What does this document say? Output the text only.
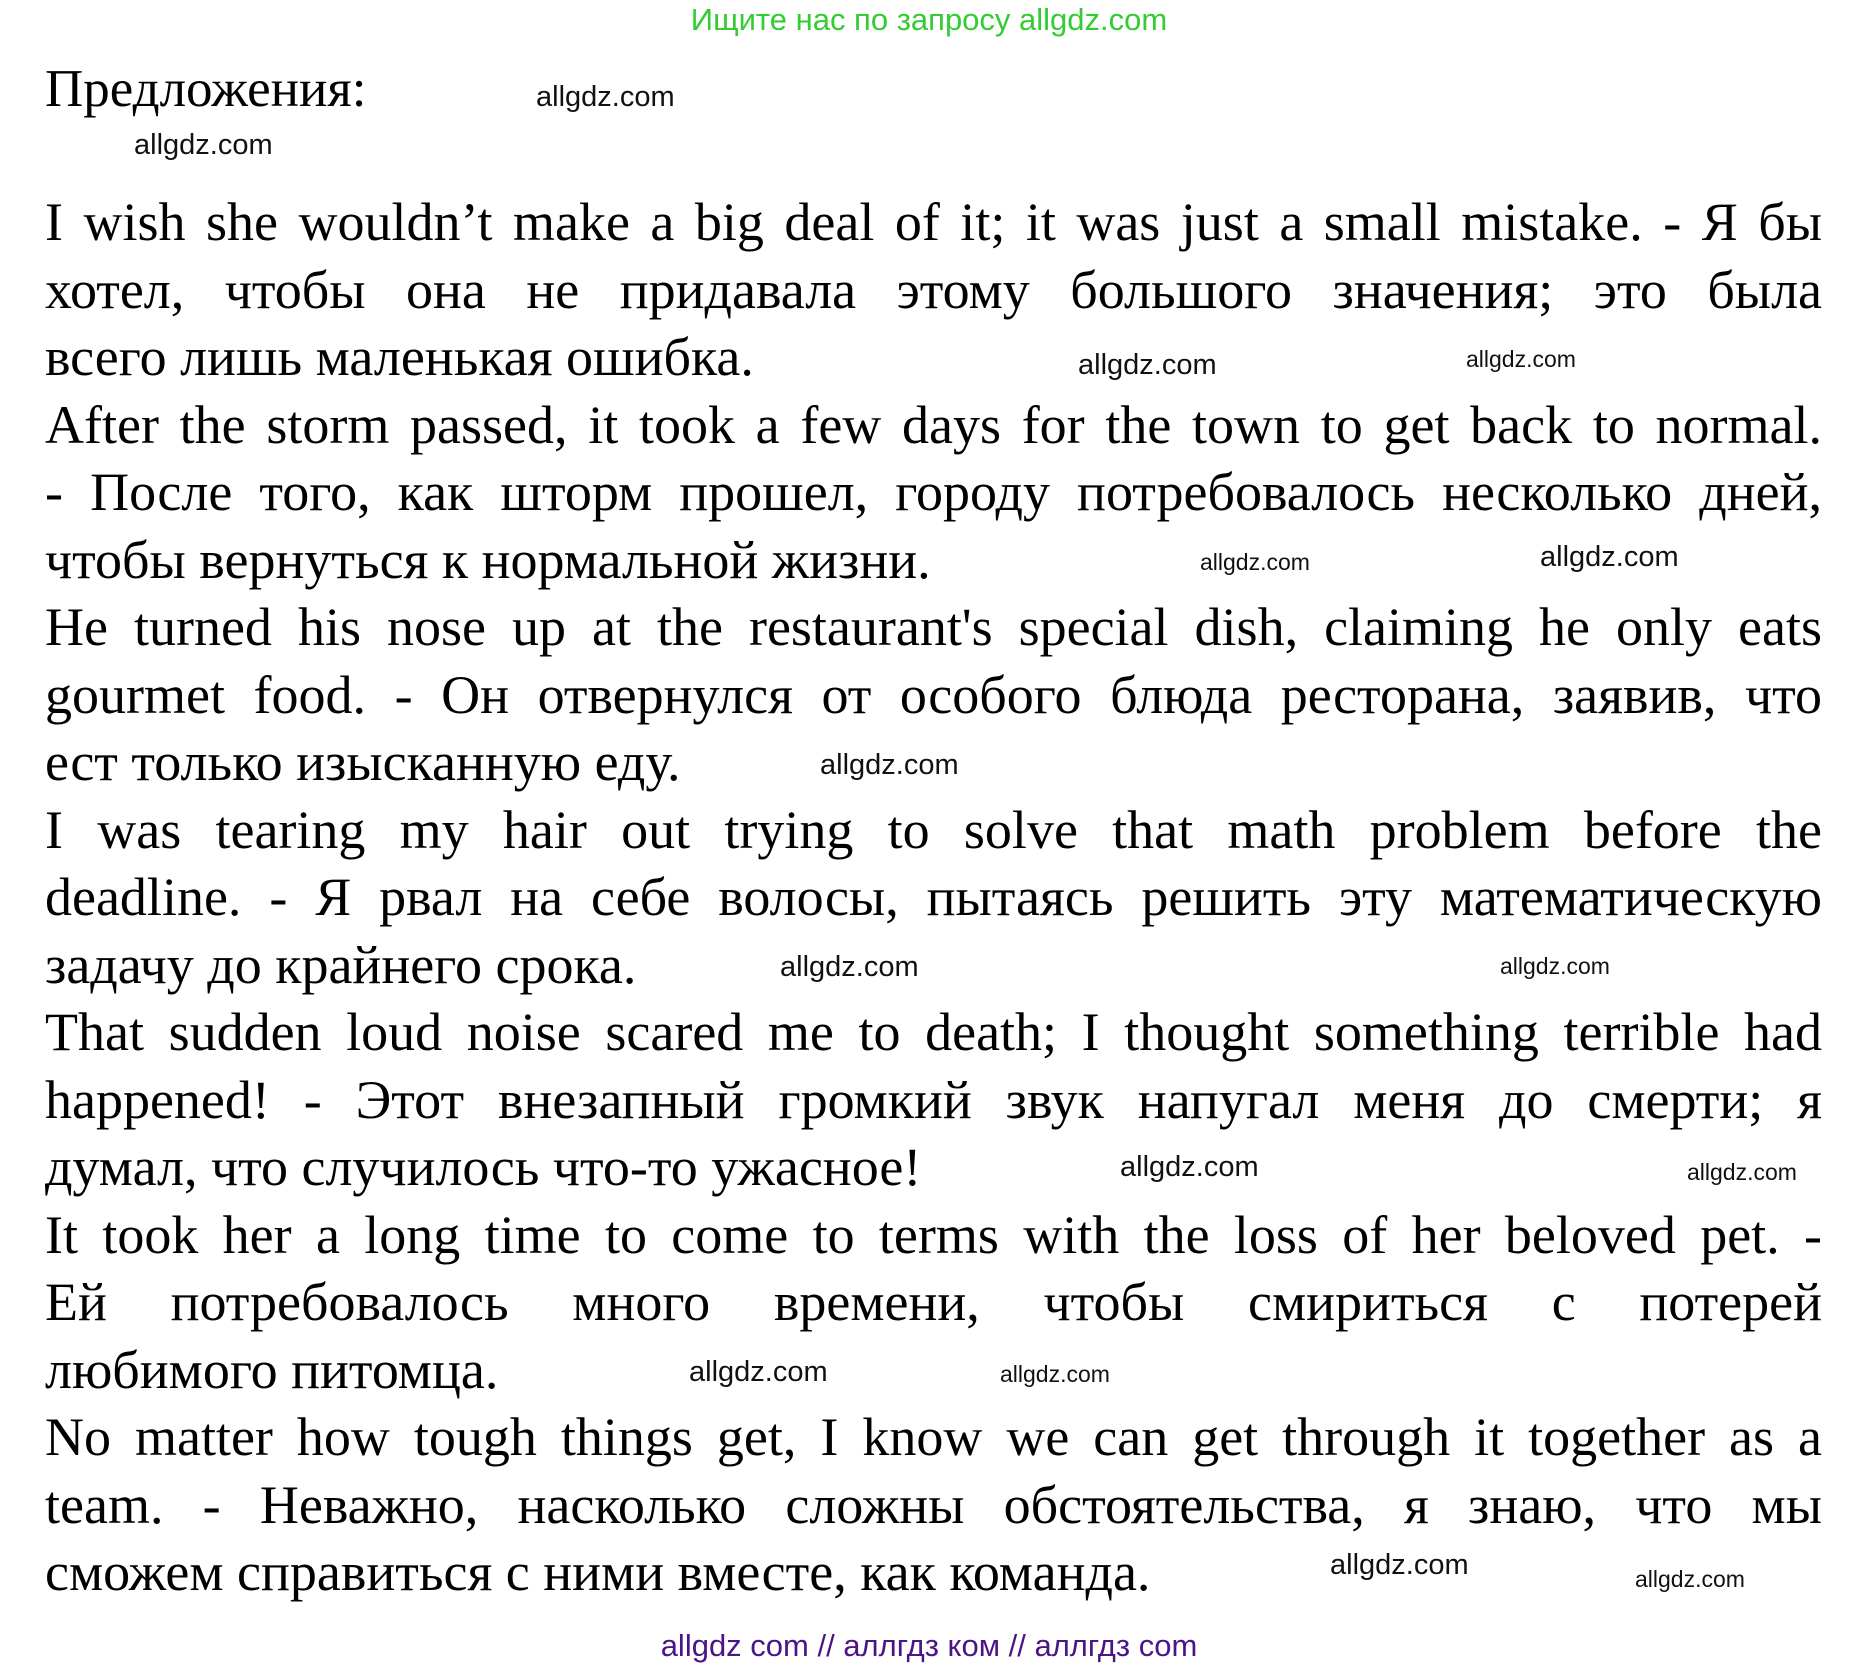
Ищите нас по запросу allgdz.com
Предложения:
I wish she wouldn’t make a big deal of it; it was just a small mistake. - Я бы
хотел, чтобы она не придавала этому большого значения; это была
всего лишь маленькая ошибка.
After the storm passed, it took a few days for the town to get back to normal.
- После того, как шторм прошел, городу потребовалось несколько дней,
чтобы вернуться к нормальной жизни.
He turned his nose up at the restaurant's special dish, claiming he only eats
gourmet food. - Он отвернулся от особого блюда ресторана, заявив, что
ест только изысканную еду.
I was tearing my hair out trying to solve that math problem before the
deadline. - Я рвал на себе волосы, пытаясь решить эту математическую
задачу до крайнего срока.
That sudden loud noise scared me to death; I thought something terrible had
happened! - Этот внезапный громкий звук напугал меня до смерти; я
думал, что случилось что-то ужасное!
It took her a long time to come to terms with the loss of her beloved pet. -
Ей потребовалось много времени, чтобы смириться с потерей
любимого питомца.
No matter how tough things get, I know we can get through it together as a
team. - Неважно, насколько сложны обстоятельства, я знаю, что мы
сможем справиться с ними вместе, как команда.
allgdz com // аллгдз ком // аллгдз com
allgdz.com
allgdz.com
allgdz.com
allgdz.com
allgdz.com	allgdz.com
allgdz.com
allgdz.com
allgdz.com
allgdz.com	allgdz.com
allgdz.com	allgdz.com
allgdz.com	allgdz.com
